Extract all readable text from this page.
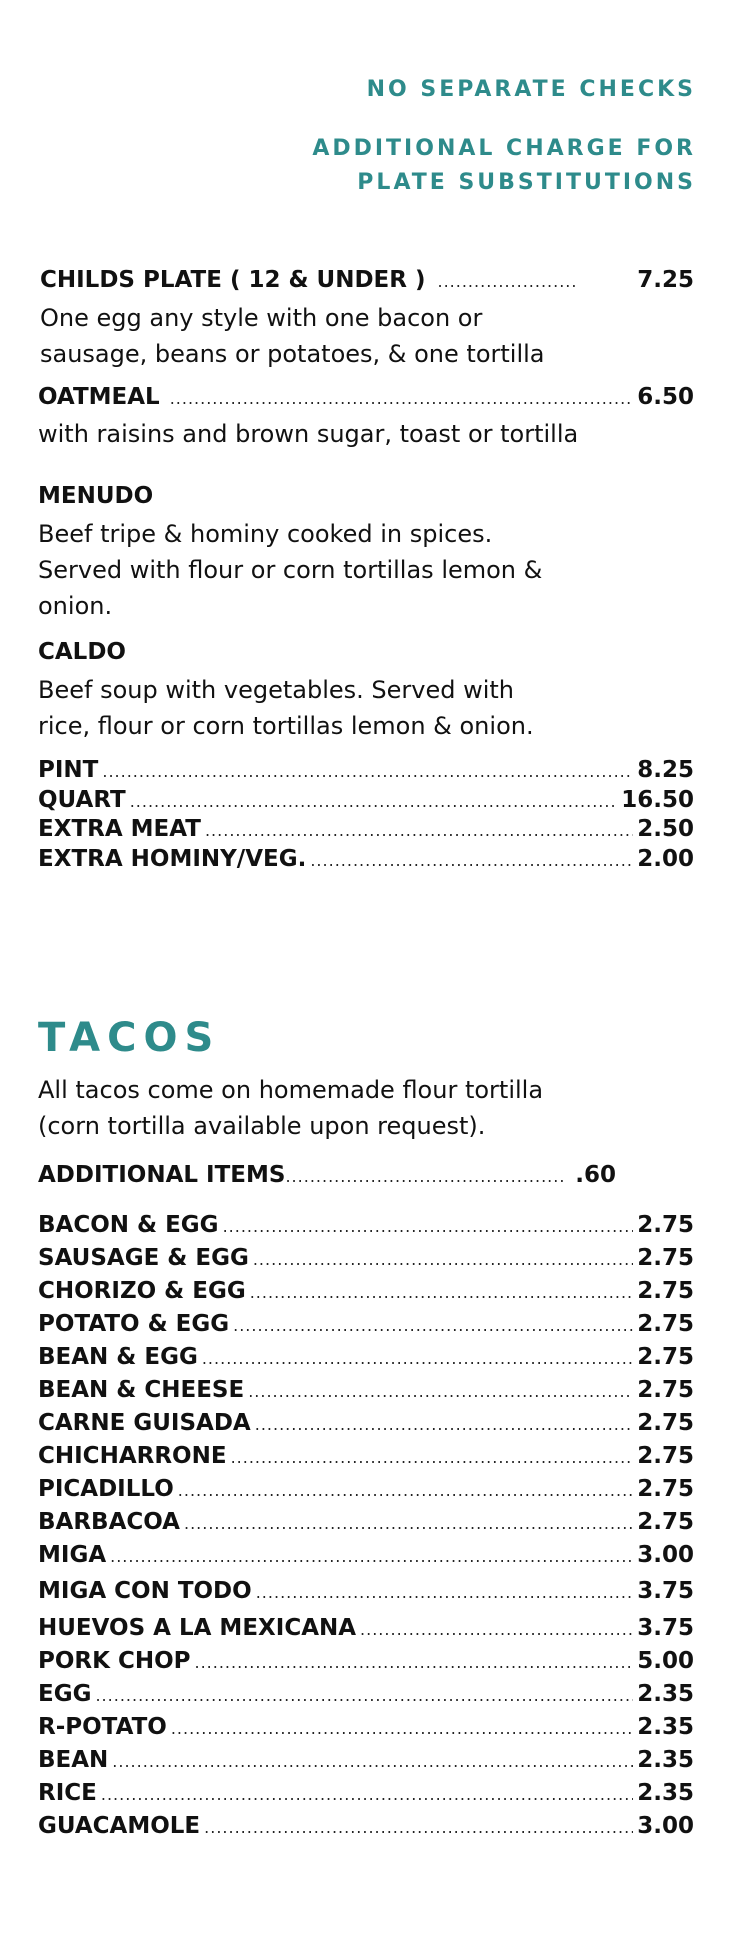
NO SEPARATE CHECKS
ADDITIONAL CHARGE FOR
PLATE SUBSTITUTIONS
CHILDS PLATE ( 12 & UNDER ) .....	7.25
One egg any style with one bacon or
sausage, beans or potatoes, & one tortilla
OATMEAL .....	6.50
with raisins and brown sugar, toast or tortilla
MENUDO
Beef tripe & hominy cooked in spices.
Served with flour or corn tortillas lemon &
onion.
CALDO
Beef soup with vegetables. Served with
rice, flour or corn tortillas lemon & onion.
PINT .....	8.25
QUART .....	16.50
EXTRA MEAT .....	2.50
EXTRA HOMINY/VEG. .....	2.00
TACOS
All tacos come on homemade flour tortilla
(corn tortilla available upon request).
ADDITIONAL ITEMS .....	.60
BACON & EGG .....	2.75
SAUSAGE & EGG .....	2.75
CHORIZO & EGG .....	2.75
POTATO & EGG .....	2.75
BEAN & EGG .....	2.75
BEAN & CHEESE .....	2.75
CARNE GUISADA .....	2.75
CHICHARRONE .....	2.75
PICADILLO .....	2.75
BARBACOA .....	2.75
MIGA .....	3.00
MIGA CON TODO .....	3.75
HUEVOS A LA MEXICANA .....	3.75
PORK CHOP .....	5.00
EGG .....	2.35
R-POTATO .....	2.35
BEAN .....	2.35
RICE .....	2.35
GUACAMOLE .....	3.00
